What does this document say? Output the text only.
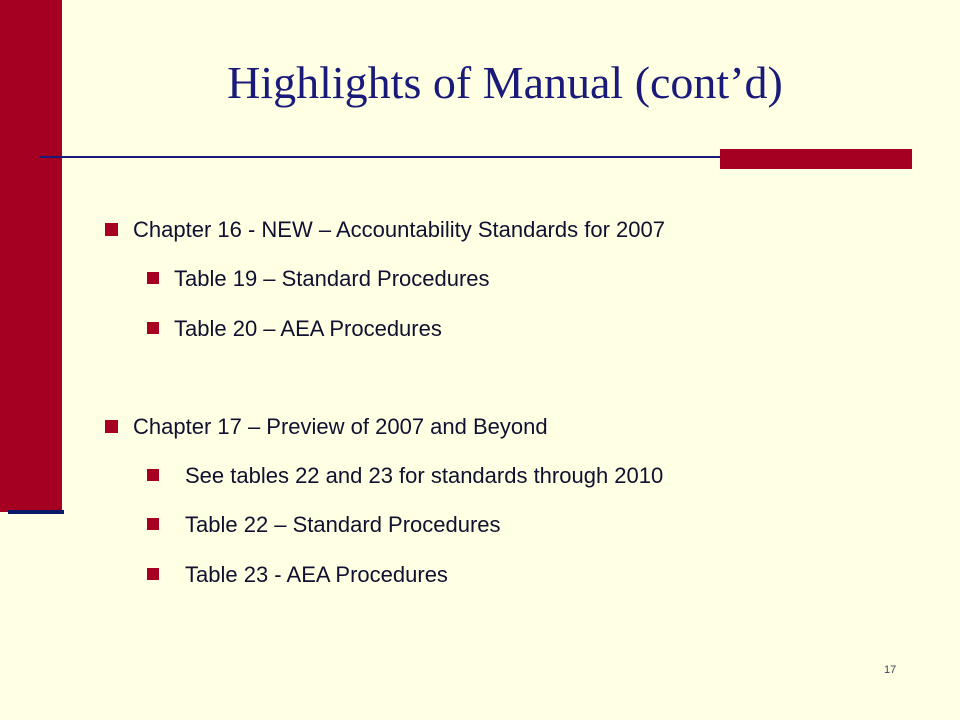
Highlights of Manual (cont’d)
Chapter 16 - NEW – Accountability Standards for 2007
Table 19 – Standard Procedures
Table 20 – AEA Procedures
Chapter 17 – Preview of 2007 and Beyond
See tables 22 and 23 for standards through 2010
Table 22 – Standard Procedures
Table 23 - AEA Procedures
17
